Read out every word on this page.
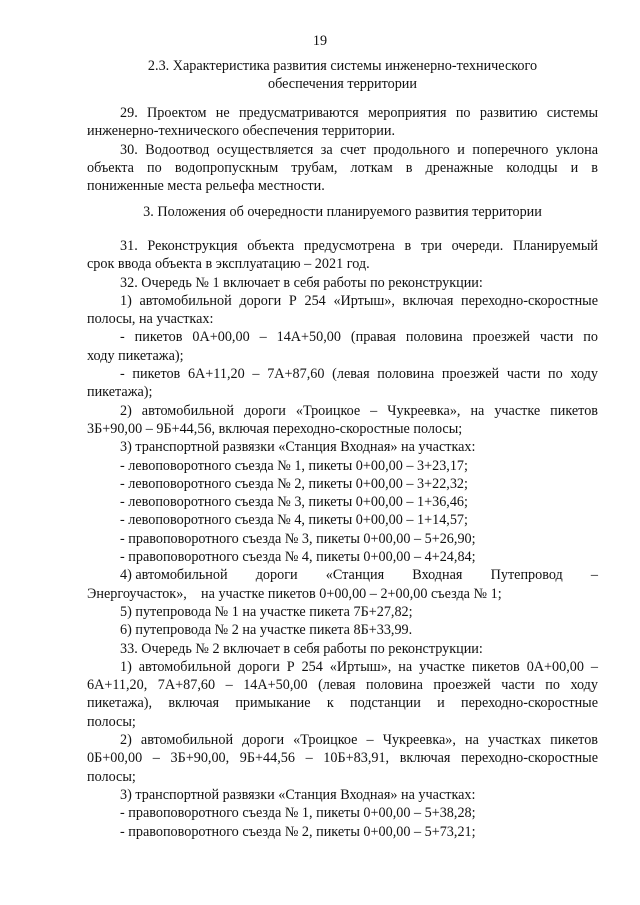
19

2.3. Характеристика развития системы инженерно-технического

обеспечения территории

29. Проектом не предусматриваются мероприятия по развитию системы

инженерно-технического обеспечения территории.

30. Водоотвод осуществляется за счет продольного и поперечного уклона

объекта по водопропускным трубам, лоткам в дренажные колодцы и в

пониженные места рельефа местности.

3. Положения об очередности планируемого развития территории

31. Реконструкция объекта предусмотрена в три очереди. Планируемый

срок ввода объекта в эксплуатацию – 2021 год.

32. Очередь № 1 включает в себя работы по реконструкции:

1) автомобильной дороги Р 254 «Иртыш», включая переходно-скоростные

полосы, на участках:

- пикетов 0А+00,00 – 14А+50,00 (правая половина проезжей части по

ходу пикетажа);

- пикетов 6А+11,20 – 7А+87,60 (левая половина проезжей части по ходу

пикетажа);

2) автомобильной дороги «Троицкое – Чукреевка», на участке пикетов

3Б+90,00 – 9Б+44,56, включая переходно-скоростные полосы;

3) транспортной развязки «Станция Входная» на участках:

- левоповоротного съезда № 1, пикеты 0+00,00 – 3+23,17;

- левоповоротного съезда № 2, пикеты 0+00,00 – 3+22,32;

- левоповоротного съезда № 3, пикеты 0+00,00 – 1+36,46;

- левоповоротного съезда № 4, пикеты 0+00,00 – 1+14,57;

- правоповоротного съезда № 3, пикеты 0+00,00 – 5+26,90;

- правоповоротного съезда № 4, пикеты 0+00,00 – 4+24,84;

4) автомобильной дороги «Станция Входная Путепровод –

Энергоучасток»,    на участке пикетов 0+00,00 – 2+00,00 съезда № 1;

5) путепровода № 1 на участке пикета 7Б+27,82;

6) путепровода № 2 на участке пикета 8Б+33,99.

33. Очередь № 2 включает в себя работы по реконструкции:

1) автомобильной дороги Р 254 «Иртыш», на участке пикетов 0А+00,00 –

6А+11,20, 7А+87,60 – 14А+50,00 (левая половина проезжей части по ходу

пикетажа), включая примыкание к подстанции и переходно-скоростные

полосы;

2) автомобильной дороги «Троицкое – Чукреевка», на участках пикетов

0Б+00,00 – 3Б+90,00, 9Б+44,56 – 10Б+83,91, включая переходно-скоростные

полосы;

3) транспортной развязки «Станция Входная» на участках:

- правоповоротного съезда № 1, пикеты 0+00,00 – 5+38,28;

- правоповоротного съезда № 2, пикеты 0+00,00 – 5+73,21;
